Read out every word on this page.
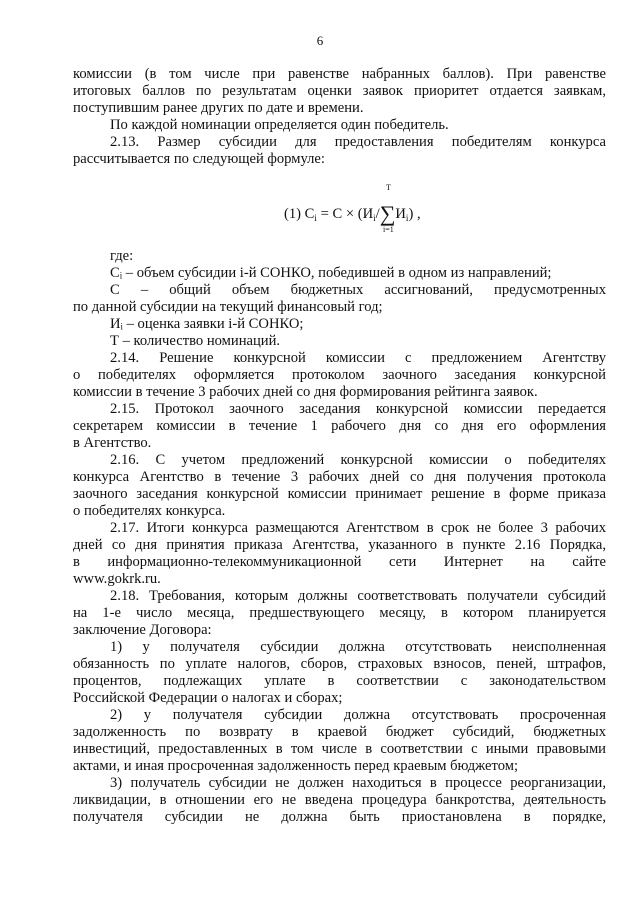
6
T
(1) $C_i = C \times (И_i/\sum И_i)$ ,
i=1
комиссии (в том числе при равенстве набранных баллов). При равенстве
итоговых баллов по результатам оценки заявок приоритет отдается заявкам,
поступившим ранее других по дате и времени.
По каждой номинации определяется один победитель.
2.13. Размер субсидии для предоставления победителям конкурса
рассчитывается по следующей формуле:
где:
Cᵢ – объем субсидии i-й СОНКО, победившей в одном из направлений;
С – общий объем бюджетных ассигнований, предусмотренных
по данной субсидии на текущий финансовый год;
Иᵢ – оценка заявки i-й СОНКО;
Т – количество номинаций.
2.14. Решение конкурсной комиссии с предложением Агентству
о победителях оформляется протоколом заочного заседания конкурсной
комиссии в течение 3 рабочих дней со дня формирования рейтинга заявок.
2.15. Протокол заочного заседания конкурсной комиссии передается
секретарем комиссии в течение 1 рабочего дня со дня его оформления
в Агентство.
2.16. С учетом предложений конкурсной комиссии о победителях
конкурса Агентство в течение 3 рабочих дней со дня получения протокола
заочного заседания конкурсной комиссии принимает решение в форме приказа
о победителях конкурса.
2.17. Итоги конкурса размещаются Агентством в срок не более 3 рабочих
дней со дня принятия приказа Агентства, указанного в пункте 2.16 Порядка,
в информационно-телекоммуникационной сети Интернет на сайте
www.gokrk.ru.
2.18. Требования, которым должны соответствовать получатели субсидий
на 1-е число месяца, предшествующего месяцу, в котором планируется
заключение Договора:
1) у получателя субсидии должна отсутствовать неисполненная
обязанность по уплате налогов, сборов, страховых взносов, пеней, штрафов,
процентов, подлежащих уплате в соответствии с законодательством
Российской Федерации о налогах и сборах;
2) у получателя субсидии должна отсутствовать просроченная
задолженность по возврату в краевой бюджет субсидий, бюджетных
инвестиций, предоставленных в том числе в соответствии с иными правовыми
актами, и иная просроченная задолженность перед краевым бюджетом;
3) получатель субсидии не должен находиться в процессе реорганизации,
ликвидации, в отношении его не введена процедура банкротства, деятельность
получателя субсидии не должна быть приостановлена в порядке,
